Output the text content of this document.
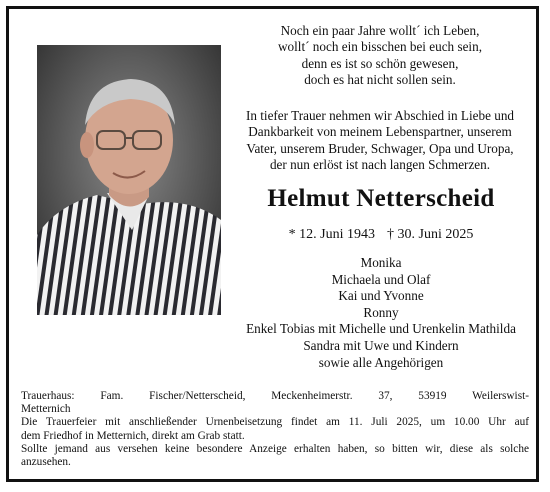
Noch ein paar Jahre wollt´ ich Leben,
wollt´ noch ein bisschen bei euch sein,
denn es ist so schön gewesen,
doch es hat nicht sollen sein.
In tiefer Trauer nehmen wir Abschied in Liebe und
Dankbarkeit von meinem Lebenspartner, unserem
Vater, unserem Bruder, Schwager, Opa und Uropa,
der nun erlöst ist nach langen Schmerzen.
Helmut Netterscheid
* 12. Juni 1943 † 30. Juni 2025
Monika
Michaela und Olaf
Kai und Yvonne
Ronny
Enkel Tobias mit Michelle und Urenkelin Mathilda
Sandra mit Uwe und Kindern
sowie alle Angehörigen

Trauerhaus: Fam. Fischer/Netterscheid, Meckenheimerstr. 37, 53919 Weilerswist-

Metternich

Die Trauerfeier mit anschließender Urnenbeisetzung findet am 11. Juli 2025, um 10.00 Uhr auf

dem Friedhof in Metternich, direkt am Grab statt.

Sollte jemand aus versehen keine besondere Anzeige erhalten haben, so bitten wir, diese als solche

anzusehen.
